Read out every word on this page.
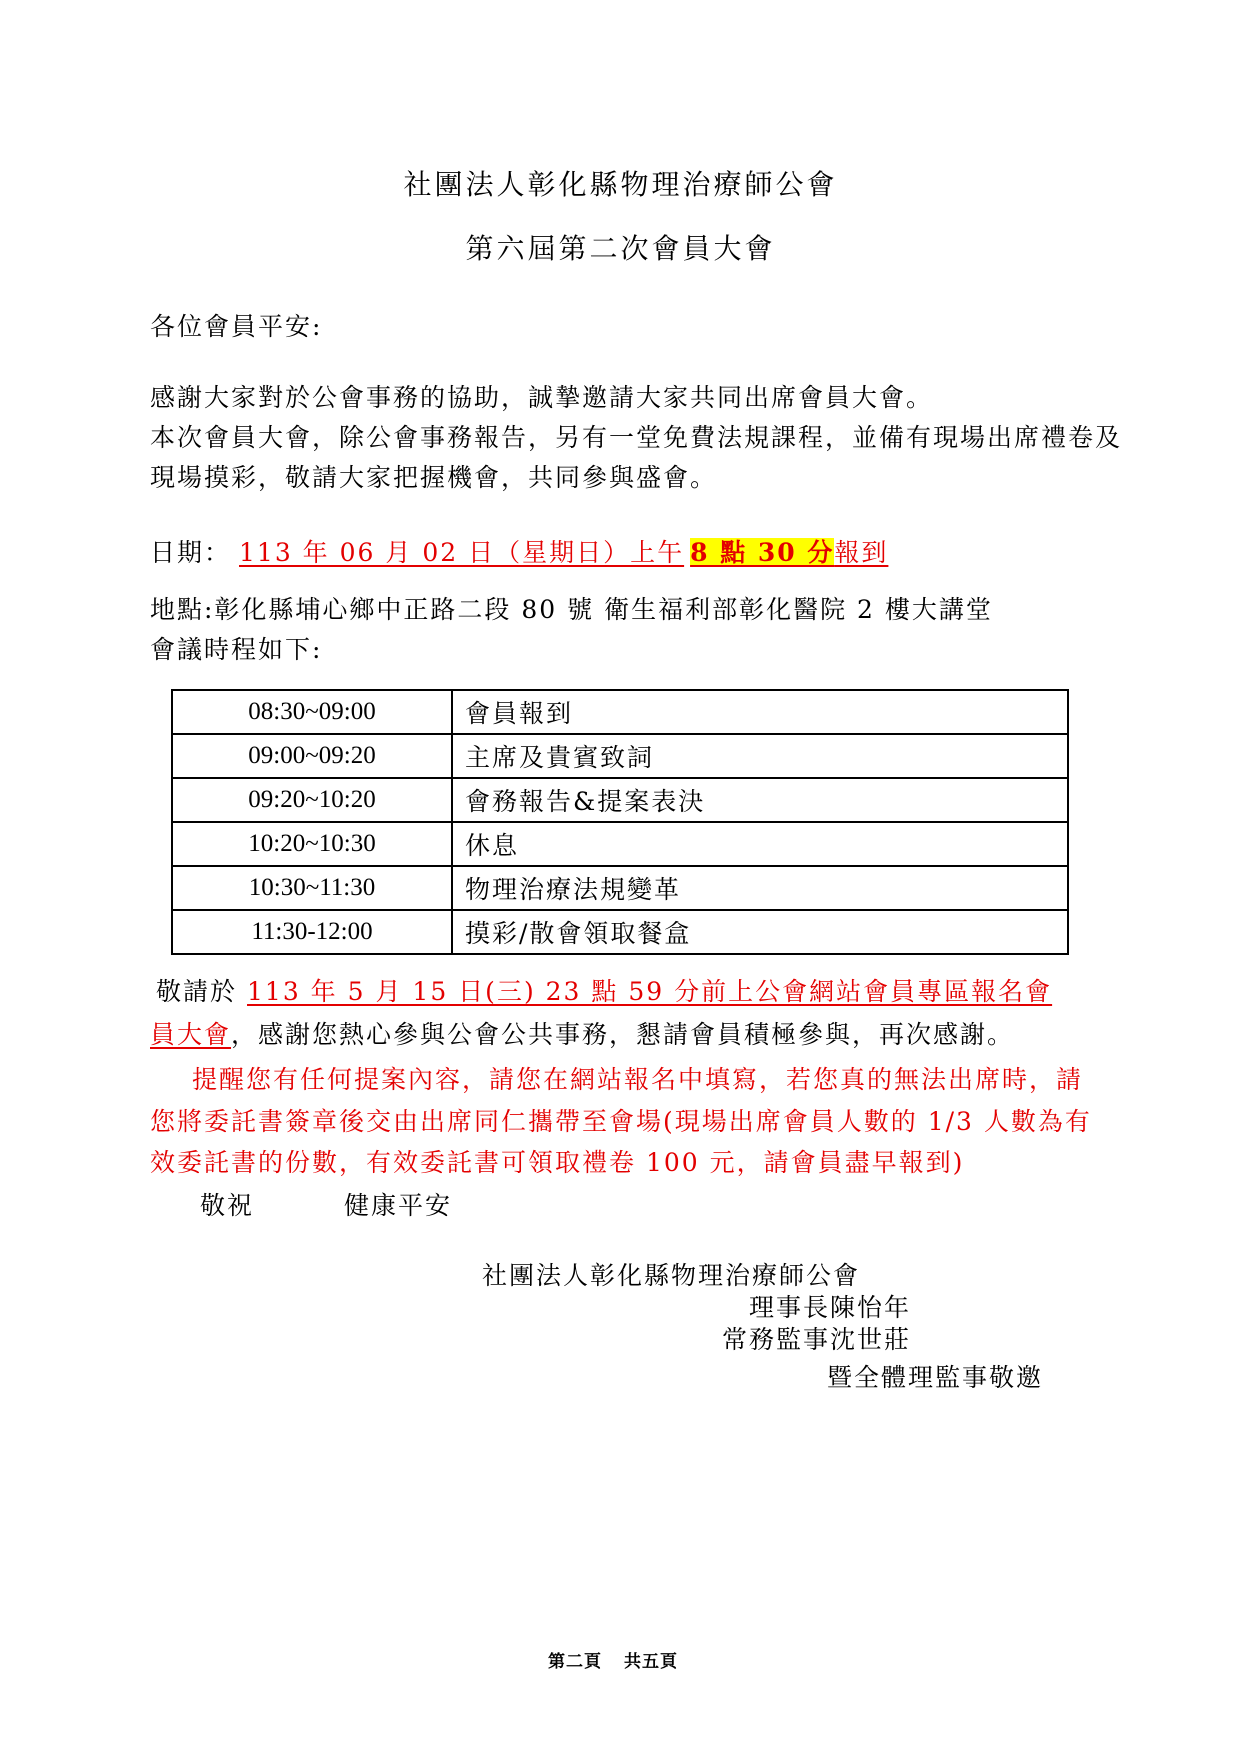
社團法人彰化縣物理治療師公會
第六屆第二次會員大會
各位會員平安:
感謝大家對於公會事務的協助，誠摯邀請大家共同出席會員大會。
本次會員大會，除公會事務報告，另有一堂免費法規課程，並備有現場出席禮卷及
現場摸彩，敬請大家把握機會，共同參與盛會。
日期： 113 年 06 月 02 日（星期日）上午 8 點 30 分報到
地點:彰化縣埔心鄉中正路二段 80 號 衛生福利部彰化醫院 2 樓大講堂
會議時程如下:
08:30~09:00	會員報到
09:00~09:20	主席及貴賓致詞
09:20~10:20	會務報告&提案表決
10:20~10:30	休息
10:30~11:30	物理治療法規變革
11:30-12:00	摸彩/散會領取餐盒
敬請於 113 年 5 月 15 日(三) 23 點 59 分前上公會網站會員專區報名會
員大會，感謝您熱心參與公會公共事務，懇請會員積極參與，再次感謝。
提醒您有任何提案內容，請您在網站報名中填寫，若您真的無法出席時，請
您將委託書簽章後交由出席同仁攜帶至會場(現場出席會員人數的 1/3 人數為有
效委託書的份數，有效委託書可領取禮卷 100 元，請會員盡早報到)
敬祝	健康平安
社團法人彰化縣物理治療師公會
理事長陳怡年
常務監事沈世莊
暨全體理監事敬邀
第二頁 共五頁
